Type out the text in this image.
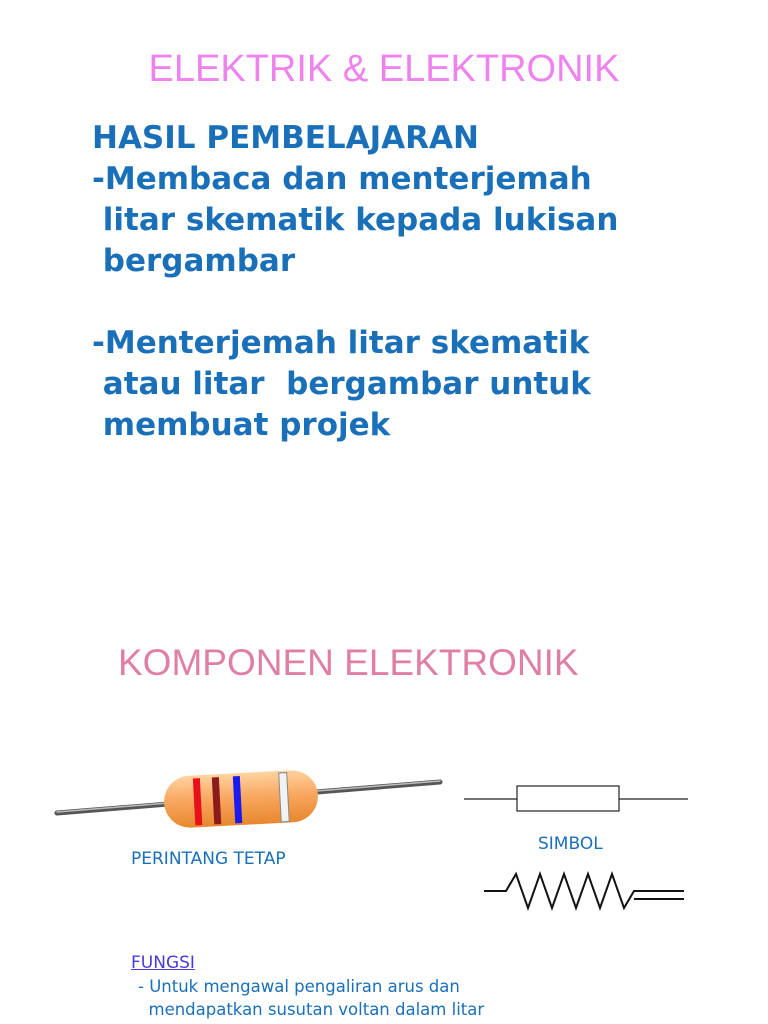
ELEKTRIK & ELEKTRONIK
HASIL PEMBELAJARAN
-Membaca dan menterjemah
litar skematik kepada lukisan
bergambar
-Menterjemah litar skematik
atau litar  bergambar untuk
membuat projek
KOMPONEN ELEKTRONIK
PERINTANG TETAP
SIMBOL
FUNGSI
- Untuk mengawal pengaliran arus dan
mendapatkan susutan voltan dalam litar
